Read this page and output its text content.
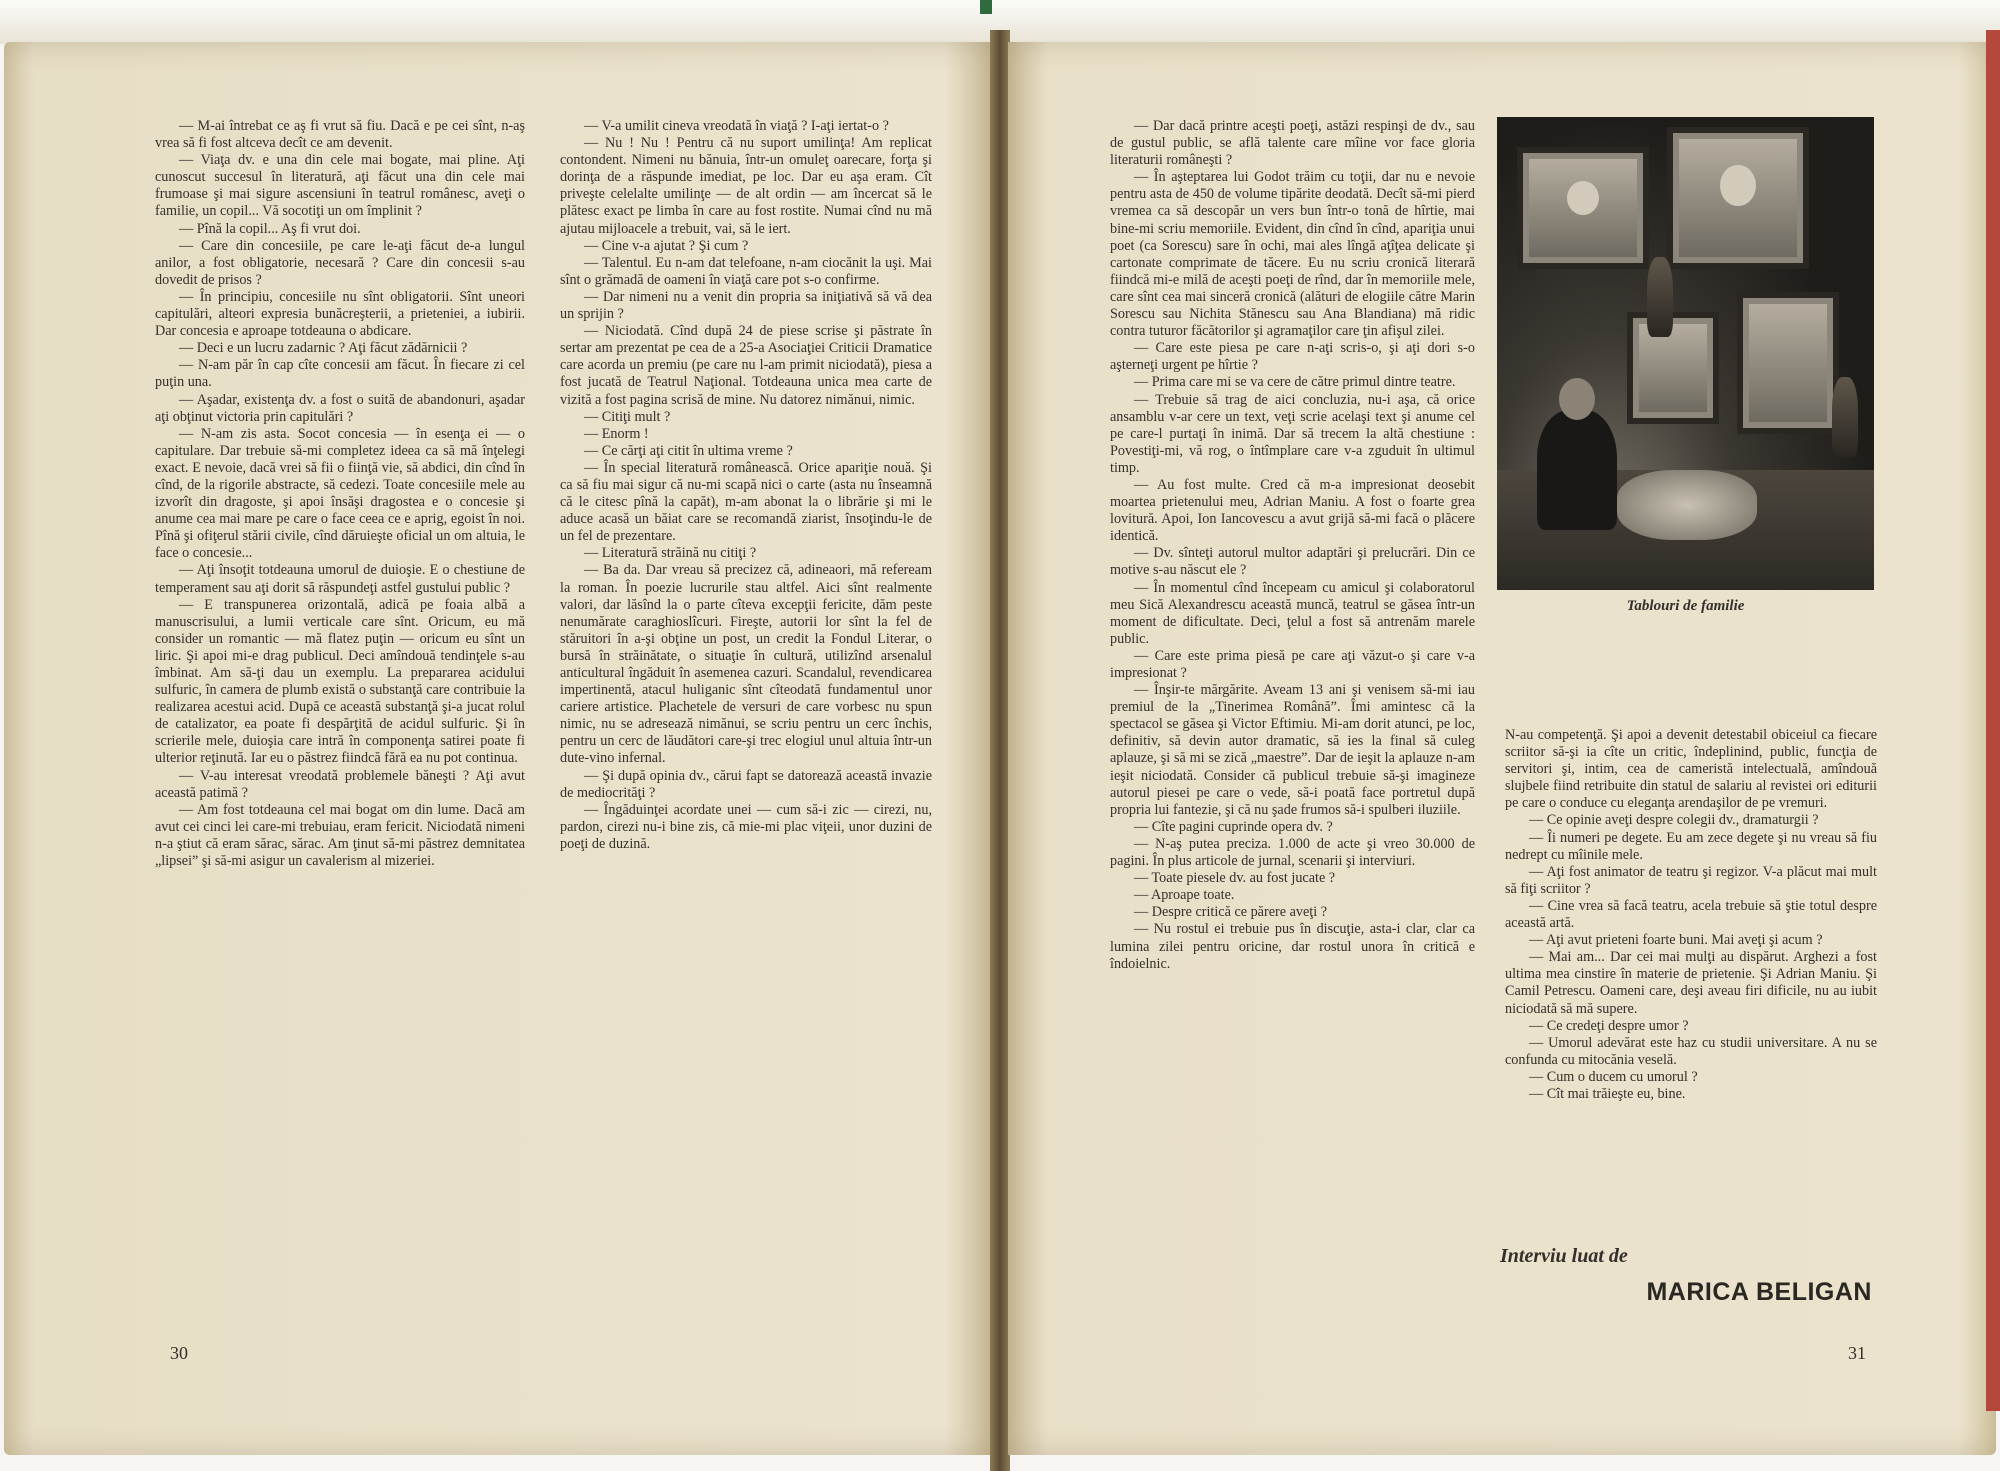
— M-ai întrebat ce aş fi vrut să fiu. Dacă e pe cei sînt, n-aş vrea să fi fost altceva decît ce am devenit.

— Viaţa dv. e una din cele mai bogate, mai pline. Aţi cunoscut succesul în literatură, aţi făcut una din cele mai frumoase şi mai sigure ascensiuni în teatrul românesc, aveţi o familie, un copil... Vă socotiţi un om împlinit ?

— Pînă la copil... Aş fi vrut doi.

— Care din concesiile, pe care le-aţi făcut de-a lungul anilor, a fost obligatorie, necesară ? Care din concesii s-au dovedit de prisos ?

— În principiu, concesiile nu sînt obligatorii. Sînt uneori capitulări, alteori expresia bunăcreşterii, a prieteniei, a iubirii. Dar concesia e aproape totdeauna o abdicare.

— Deci e un lucru zadarnic ? Aţi făcut zădărnicii ?

— N-am păr în cap cîte concesii am făcut. În fiecare zi cel puţin una.

— Aşadar, existenţa dv. a fost o suită de abandonuri, aşadar aţi obţinut victoria prin capitulări ?

— N-am zis asta. Socot concesia — în esenţa ei — o capitulare. Dar trebuie să-mi completez ideea ca să mă înţelegi exact. E nevoie, dacă vrei să fii o fiinţă vie, să abdici, din cînd în cînd, de la rigorile abstracte, să cedezi. Toate concesiile mele au izvorît din dragoste, şi apoi însăşi dragostea e o concesie şi anume cea mai mare pe care o face ceea ce e aprig, egoist în noi. Pînă şi ofiţerul stării civile, cînd dăruieşte oficial un om altuia, le face o concesie...

— Aţi însoţit totdeauna umorul de duioşie. E o chestiune de temperament sau aţi dorit să răspundeţi astfel gustului public ?

— E transpunerea orizontală, adică pe foaia albă a manuscrisului, a lumii verticale care sînt. Oricum, eu mă consider un romantic — mă flatez puţin — oricum eu sînt un liric. Şi apoi mi-e drag publicul. Deci amîndouă tendinţele s-au îmbinat. Am să-ţi dau un exemplu. La prepararea acidului sulfuric, în camera de plumb există o substanţă care contribuie la realizarea acestui acid. După ce această substanţă şi-a jucat rolul de catalizator, ea poate fi despărţită de acidul sulfuric. Şi în scrierile mele, duioşia care intră în componenţa satirei poate fi ulterior reţinută. Iar eu o păstrez fiindcă fără ea nu pot continua.

— V-au interesat vreodată problemele băneşti ? Aţi avut această patimă ?

— Am fost totdeauna cel mai bogat om din lume. Dacă am avut cei cinci lei care-mi trebuiau, eram fericit. Niciodată nimeni n-a ştiut că eram sărac, sărac. Am ţinut să-mi păstrez demnitatea „lipsei” şi să-mi asigur un cavalerism al mizeriei.

— V-a umilit cineva vreodată în viaţă ? I-aţi iertat-o ?

— Nu ! Nu ! Pentru că nu suport umilinţa! Am replicat contondent. Nimeni nu bănuia, într-un omuleţ oarecare, forţa şi dorinţa de a răspunde imediat, pe loc. Dar eu aşa eram. Cît priveşte celelalte umilinţe — de alt ordin — am încercat să le plătesc exact pe limba în care au fost rostite. Numai cînd nu mă ajutau mijloacele a trebuit, vai, să le iert.

— Cine v-a ajutat ? Şi cum ?

— Talentul. Eu n-am dat telefoane, n-am ciocănit la uşi. Mai sînt o grămadă de oameni în viaţă care pot s-o confirme.

— Dar nimeni nu a venit din propria sa iniţiativă să vă dea un sprijin ?

— Niciodată. Cînd după 24 de piese scrise şi păstrate în sertar am prezentat pe cea de a 25-a Asociaţiei Criticii Dramatice care acorda un premiu (pe care nu l-am primit niciodată), piesa a fost jucată de Teatrul Naţional. Totdeauna unica mea carte de vizită a fost pagina scrisă de mine. Nu datorez nimănui, nimic.

— Citiţi mult ?

— Enorm !

— Ce cărţi aţi citit în ultima vreme ?

— În special literatură românească. Orice apariţie nouă. Şi ca să fiu mai sigur că nu-mi scapă nici o carte (asta nu înseamnă că le citesc pînă la capăt), m-am abonat la o librărie şi mi le aduce acasă un băiat care se recomandă ziarist, însoţindu-le de un fel de prezentare.

— Literatură străină nu citiţi ?

— Ba da. Dar vreau să precizez că, adineaori, mă refeream la roman. În poezie lucrurile stau altfel. Aici sînt realmente valori, dar lăsînd la o parte cîteva excepţii fericite, dăm peste nenumărate caraghioslîcuri. Fireşte, autorii lor sînt la fel de stăruitori în a-şi obţine un post, un credit la Fondul Literar, o bursă în străinătate, o situaţie în cultură, utilizînd arsenalul anticultural îngăduit în asemenea cazuri. Scandalul, revendicarea impertinentă, atacul huliganic sînt cîteodată fundamentul unor cariere artistice. Plachetele de versuri de care vorbesc nu spun nimic, nu se adresează nimănui, se scriu pentru un cerc închis, pentru un cerc de lăudători care-şi trec elogiul unul altuia într-un dute-vino infernal.

— Şi după opinia dv., cărui fapt se datorează această invazie de mediocrităţi ?

— Îngăduinţei acordate unei — cum să-i zic — cirezi, nu, pardon, cirezi nu-i bine zis, că mie-mi plac viţeii, unor duzini de poeţi de duzină.

30

— Dar dacă printre aceşti poeţi, astăzi respinşi de dv., sau de gustul public, se află talente care mîine vor face gloria literaturii româneşti ?

— În aşteptarea lui Godot trăim cu toţii, dar nu e nevoie pentru asta de 450 de volume tipărite deodată. Decît să-mi pierd vremea ca să descopăr un vers bun într-o tonă de hîrtie, mai bine-mi scriu memoriile. Evident, din cînd în cînd, apariţia unui poet (ca Sorescu) sare în ochi, mai ales lîngă aţîţea delicate şi cartonate comprimate de tăcere. Eu nu scriu cronică literară fiindcă mi-e milă de aceşti poeţi de rînd, dar în memoriile mele, care sînt cea mai sinceră cronică (alături de elogiile către Marin Sorescu sau Nichita Stănescu sau Ana Blandiana) mă ridic contra tuturor făcătorilor şi agramaţilor care ţin afişul zilei.

— Care este piesa pe care n-aţi scris-o, şi aţi dori s-o aşterneţi urgent pe hîrtie ?

— Prima care mi se va cere de către primul dintre teatre.

— Trebuie să trag de aici concluzia, nu-i aşa, că orice ansamblu v-ar cere un text, veţi scrie acelaşi text şi anume cel pe care-l purtaţi în inimă. Dar să trecem la altă chestiune : Povestiţi-mi, vă rog, o întîmplare care v-a zguduit în ultimul timp.

— Au fost multe. Cred că m-a impresionat deosebit moartea prietenului meu, Adrian Maniu. A fost o foarte grea lovitură. Apoi, Ion Iancovescu a avut grijă să-mi facă o plăcere identică.

— Dv. sînteţi autorul multor adaptări şi prelucrări. Din ce motive s-au născut ele ?

— În momentul cînd începeam cu amicul şi colaboratorul meu Sică Alexandrescu această muncă, teatrul se găsea într-un moment de dificultate. Deci, ţelul a fost să antrenăm marele public.

— Care este prima piesă pe care aţi văzut-o şi care v-a impresionat ?

— Înşir-te mărgărite. Aveam 13 ani şi venisem să-mi iau premiul de la „Tinerimea Română”. Îmi amintesc că la spectacol se găsea şi Victor Eftimiu. Mi-am dorit atunci, pe loc, definitiv, să devin autor dramatic, să ies la final să culeg aplauze, şi să mi se zică „maestre”. Dar de ieşit la aplauze n-am ieşit niciodată. Consider că publicul trebuie să-şi imagineze autorul piesei pe care o vede, să-i poată face portretul după propria lui fantezie, şi că nu şade frumos să-i spulberi iluziile.

— Cîte pagini cuprinde opera dv. ?

— N-aş putea preciza. 1.000 de acte şi vreo 30.000 de pagini. În plus articole de jurnal, scenarii şi interviuri.

— Toate piesele dv. au fost jucate ?

— Aproape toate.

— Despre critică ce părere aveţi ?

— Nu rostul ei trebuie pus în discuţie, asta-i clar, clar ca lumina zilei pentru oricine, dar rostul unora în critică e îndoielnic.

Tablouri de familie

N-au competenţă. Şi apoi a devenit detestabil obiceiul ca fiecare scriitor să-şi ia cîte un critic, îndeplinind, public, funcţia de servitori şi, intim, cea de cameristă intelectuală, amîndouă slujbele fiind retribuite din statul de salariu al revistei ori editurii pe care o conduce cu eleganţa arendaşilor de pe vremuri.

— Ce opinie aveţi despre colegii dv., dramaturgii ?

— Îi numeri pe degete. Eu am zece degete şi nu vreau să fiu nedrept cu mîinile mele.

— Aţi fost animator de teatru şi regizor. V-a plăcut mai mult să fiţi scriitor ?

— Cine vrea să facă teatru, acela trebuie să ştie totul despre această artă.

— Aţi avut prieteni foarte buni. Mai aveţi şi acum ?

— Mai am... Dar cei mai mulţi au dispărut. Arghezi a fost ultima mea cinstire în materie de prietenie. Şi Adrian Maniu. Şi Camil Petrescu. Oameni care, deşi aveau firi dificile, nu au iubit niciodată să mă supere.

— Ce credeţi despre umor ?

— Umorul adevărat este haz cu studii universitare. A nu se confunda cu mitocănia veselă.

— Cum o ducem cu umorul ?

— Cît mai trăieşte eu, bine.

Interviu luat de
MARICA BELIGAN
31
